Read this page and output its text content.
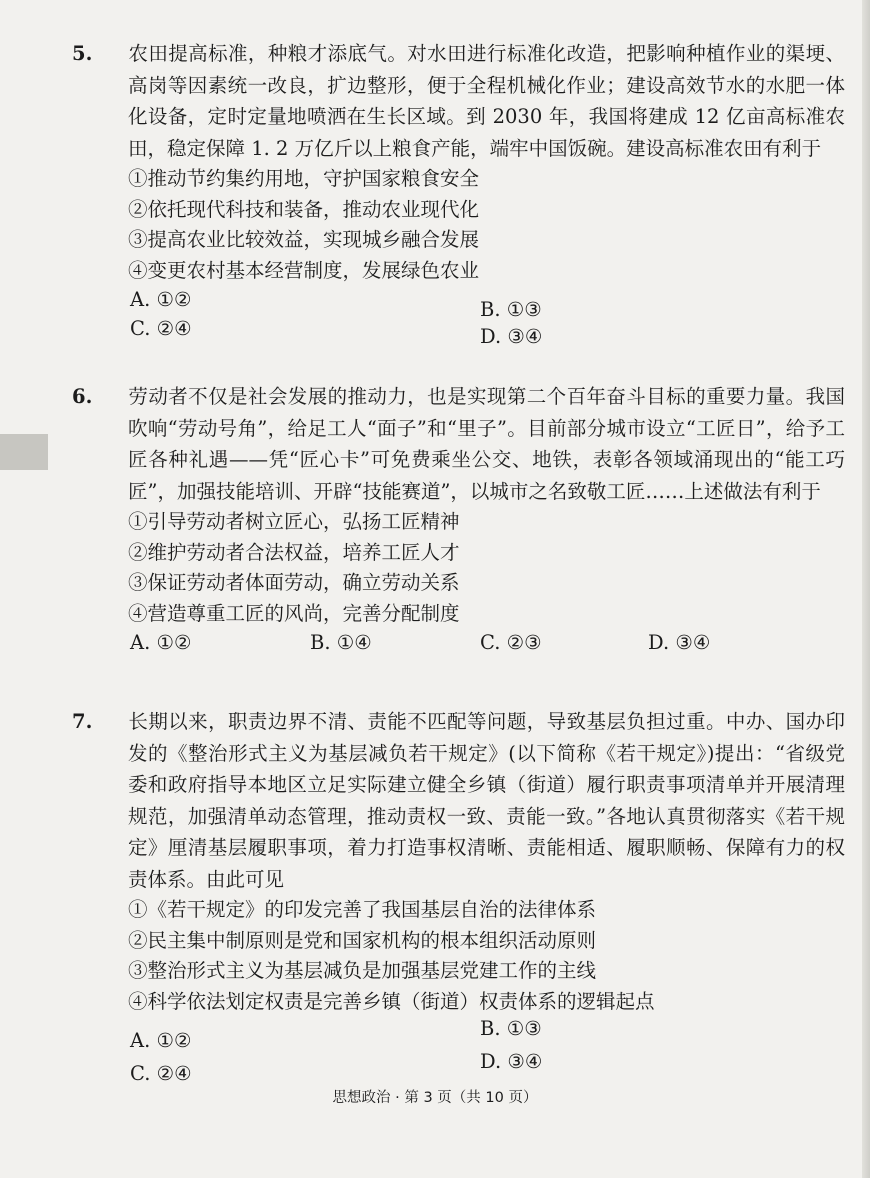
5. 农田提高标准，种粮才添底气。对水田进行标准化改造，把影响种植作业的渠埂、高岗等因素统一改良，扩边整形，便于全程机械化作业；建设高效节水的水肥一体化设备，定时定量地喷洒在生长区域。到 2030 年，我国将建成 12 亿亩高标准农田，稳定保障 1. 2 万亿斤以上粮食产能，端牢中国饭碗。建设高标准农田有利于

①推动节约集约用地，守护国家粮食安全
②依托现代科技和装备，推动农业现代化
③提高农业比较效益，实现城乡融合发展
④变更农村基本经营制度，发展绿色农业
A. ①②	B. ①③
C. ②④	D. ③④

6. 劳动者不仅是社会发展的推动力，也是实现第二个百年奋斗目标的重要力量。我国吹响“劳动号角”，给足工人“面子”和“里子”。目前部分城市设立“工匠日”，给予工匠各种礼遇——凭“匠心卡”可免费乘坐公交、地铁，表彰各领域涌现出的“能工巧匠”，加强技能培训、开辟“技能赛道”，以城市之名致敬工匠……上述做法有利于

①引导劳动者树立匠心，弘扬工匠精神
②维护劳动者合法权益，培养工匠人才
③保证劳动者体面劳动，确立劳动关系
④营造尊重工匠的风尚，完善分配制度
A. ①②	B. ①④	C. ②③	D. ③④

7. 长期以来，职责边界不清、责能不匹配等问题，导致基层负担过重。中办、国办印发的《整治形式主义为基层减负若干规定》(以下简称《若干规定》)提出：“省级党委和政府指导本地区立足实际建立健全乡镇（街道）履行职责事项清单并开展清理规范，加强清单动态管理，推动责权一致、责能一致。”各地认真贯彻落实《若干规定》厘清基层履职事项，着力打造事权清晰、责能相适、履职顺畅、保障有力的权责体系。由此可见

①《若干规定》的印发完善了我国基层自治的法律体系
②民主集中制原则是党和国家机构的根本组织活动原则
③整治形式主义为基层减负是加强基层党建工作的主线
④科学依法划定权责是完善乡镇（街道）权责体系的逻辑起点
A. ①②
B. ①③
C. ②④
D. ③④
思想政治 · 第 3 页（共 10 页）
